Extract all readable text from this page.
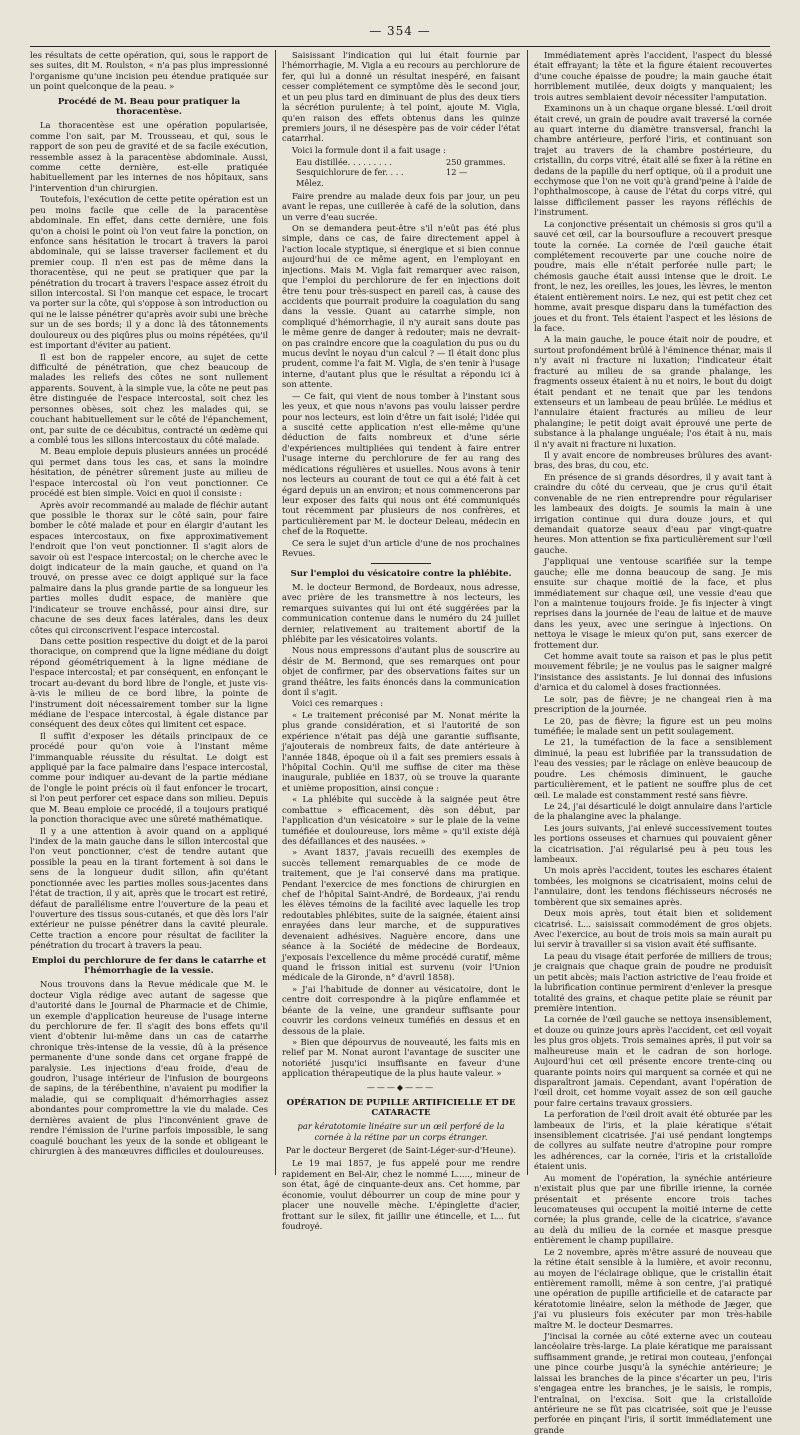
— 354 —

les résultats de cette opération, qui, sous le rapport de ses suites, dit M. Roulston, « n'a pas plus impressionné l'organisme qu'une incision peu étendue pratiquée sur un point quelconque de la peau. »

Procédé de M. Beau pour pratiquer la thoracentèse.

La thoracentèse est une opération popularisée, comme l'on sait, par M. Trousseau, et qui, sous le rapport de son peu de gravité et de sa facile exécution, ressemble assez à la paracentèse abdominale. Aussi, comme cette dernière, est-elle pratiquée habituellement par les internes de nos hôpitaux, sans l'intervention d'un chirurgien.

Toutefois, l'exécution de cette petite opération est un peu moins facile que celle de la paracentèse abdominale. En effet, dans cette dernière, une fois qu'on a choisi le point où l'on veut faire la ponction, on enfonce sans hésitation le trocart à travers la paroi abdominale, qui se laisse traverser facilement et du premier coup. Il n'en est pas de même dans la thoracentèse, qui ne peut se pratiquer que par la pénétration du trocart à travers l'espace assez étroit du sillon intercostal. Si l'on manque cet espace, le trocart va porter sur la côte, qui s'oppose à son introduction ou qui ne le laisse pénétrer qu'après avoir subi une brèche sur un de ses bords; il y a donc là des tâtonnements douloureux ou des piqûres plus ou moins répétées, qu'il est important d'éviter au patient.

Il est bon de rappeler encore, au sujet de cette difficulté de pénétration, que chez beaucoup de malades les reliefs des côtes ne sont nullement apparents. Souvent, à la simple vue, la côte ne peut pas être distinguée de l'espace intercostal, soit chez les personnes obèses, soit chez les malades qui, se couchant habituellement sur le côté de l'épanchement, ont, par suite de ce décubitus, contracté un œdème qui a comblé tous les sillons intercostaux du côté malade.

M. Beau emploie depuis plusieurs années un procédé qui permet dans tous les cas, et sans la moindre hésitation, de pénétrer sûrement juste au milieu de l'espace intercostal où l'on veut ponctionner. Ce procédé est bien simple. Voici en quoi il consiste :

Après avoir recommandé au malade de fléchir autant que possible le thorax sur le côté sain, pour faire bomber le côté malade et pour en élargir d'autant les espaces intercostaux, on fixe approximativement l'endroit que l'on veut ponctionner. Il s'agit alors de savoir où est l'espace intercostal; on le cherche avec le doigt indicateur de la main gauche, et quand on l'a trouvé, on presse avec ce doigt appliqué sur la face palmaire dans la plus grande partie de sa longueur les parties molles dudit espace, de manière que l'indicateur se trouve enchâssé, pour ainsi dire, sur chacune de ses deux faces latérales, dans les deux côtes qui circonscrivent l'espace intercostal.

Dans cette position respective du doigt et de la paroi thoracique, on comprend que la ligne médiane du doigt répond géométriquement à la ligne médiane de l'espace intercostal; et par conséquent, en enfonçant le trocart au-devant du bord libre de l'ongle, et juste vis-à-vis le milieu de ce bord libre, la pointe de l'instrument doit nécessairement tomber sur la ligne médiane de l'espace intercostal, à égale distance par conséquent des deux côtes qui limitent cet espace.

Il suffit d'exposer les détails principaux de ce procédé pour qu'on voie à l'instant même l'immanquable réussite du résultat. Le doigt est appliqué par la face palmaire dans l'espace intercostal, comme pour indiquer au-devant de la partie médiane de l'ongle le point précis où il faut enfoncer le trocart, si l'on peut perforer cet espace dans son milieu. Depuis que M. Beau emploie ce procédé, il a toujours pratiqué la ponction thoracique avec une sûreté mathématique.

Il y a une attention à avoir quand on a appliqué l'index de la main gauche dans le sillon intercostal que l'on veut ponctionner, c'est de tendre autant que possible la peau en la tirant fortement à soi dans le sens de la longueur dudit sillon, afin qu'étant ponctionnée avec les parties molles sous-jacentes dans l'état de traction, il y ait, après que le trocart est retiré, défaut de parallélisme entre l'ouverture de la peau et l'ouverture des tissus sous-cutanés, et que dès lors l'air extérieur ne puisse pénétrer dans la cavité pleurale. Cette traction a encore pour résultat de faciliter la pénétration du trocart à travers la peau.

Emploi du perchlorure de fer dans le catarrhe et l'hémorrhagie de la vessie.

Nous trouvons dans la Revue médicale que M. le docteur Vigla rédige avec autant de sagesse que d'autorité dans le Journal de Pharmacie et de Chimie, un exemple d'application heureuse de l'usage interne du perchlorure de fer. Il s'agit des bons effets qu'il vient d'obtenir lui-même dans un cas de catarrhe chronique très-intense de la vessie, dû à la présence permanente d'une sonde dans cet organe frappé de paralysie. Les injections d'eau froide, d'eau de goudron, l'usage intérieur de l'infusion de bourgeons de sapins, de la térébenthine, n'avaient pu modifier la maladie, qui se compliquait d'hémorrhagies assez abondantes pour compromettre la vie du malade. Ces dernières avaient de plus l'inconvénient grave de rendre l'émission de l'urine parfois impossible, le sang coagulé bouchant les yeux de la sonde et obligeant le chirurgien à des manœuvres difficiles et douloureuses.

Saisissant l'indication qui lui était fournie par l'hémorrhagie, M. Vigla a eu recours au perchlorure de fer, qui lui a donné un résultat inespéré, en faisant cesser complétement ce symptôme dès le second jour, et un peu plus tard en diminuant de plus des deux tiers la sécrétion purulente; à tel point, ajoute M. Vigla, qu'en raison des effets obtenus dans les quinze premiers jours, il ne désespère pas de voir céder l'état catarrhal.

Voici la formule dont il a fait usage :

Eau distillée. . . . . . . . .	250 grammes.
Sesquichlorure de fer. . . .	12 —
Mêlez.

Faire prendre au malade deux fois par jour, un peu avant le repas, une cuillerée à café de la solution, dans un verre d'eau sucrée.

On se demandera peut-être s'il n'eût pas été plus simple, dans ce cas, de faire directement appel à l'action locale styptique, si énergique et si bien connue aujourd'hui de ce même agent, en l'employant en injections. Mais M. Vigla fait remarquer avec raison, que l'emploi du perchlorure de fer en injections doit être tenu pour très-suspect en pareil cas, à cause des accidents que pourrait produire la coagulation du sang dans la vessie. Quant au catarrhe simple, non compliqué d'hémorrhagie, il n'y aurait sans doute pas le même genre de danger à redouter; mais ne devrait-on pas craindre encore que la coagulation du pus ou du mucus devînt le noyau d'un calcul ? — Il était donc plus prudent, comme l'a fait M. Vigla, de s'en tenir à l'usage interne, d'autant plus que le résultat a répondu ici à son attente.

— Ce fait, qui vient de nous tomber à l'instant sous les yeux, et que nous n'avons pas voulu laisser perdre pour nos lecteurs, est loin d'être un fait isolé; l'idée qui a suscité cette application n'est elle-même qu'une déduction de faits nombreux et d'une série d'expériences multipliées qui tendent à faire entrer l'usage interne du perchlorure de fer au rang des médications régulières et usuelles. Nous avons à tenir nos lecteurs au courant de tout ce qui a été fait à cet égard depuis un an environ; et nous commencerons par leur exposer des faits qui nous ont été communiqués tout récemment par plusieurs de nos confrères, et particulièrement par M. le docteur Deleau, médecin en chef de la Roquette.

Ce sera le sujet d'un article d'une de nos prochaines Revues.

Sur l'emploi du vésicatoire contre la phlébite.

M. le docteur Bermond, de Bordeaux, nous adresse, avec prière de les transmettre à nos lecteurs, les remarques suivantes qui lui ont été suggérées par la communication contenue dans le numéro du 24 juillet dernier, relativement au traitement abortif de la phlébite par les vésicatoires volants.

Nous nous empressons d'autant plus de souscrire au désir de M. Bermond, que ses remarques ont pour objet de confirmer, par des observations faites sur un grand théâtre, les faits énoncés dans la communication dont il s'agit.

Voici ces remarques :

« Le traitement préconisé par M. Nonat mérite la plus grande considération, et si l'autorité de son expérience n'était pas déjà une garantie suffisante, j'ajouterais de nombreux faits, de date antérieure à l'année 1848, époque où il a fait ses premiers essais à l'hôpital Cochin. Qu'il me suffise de citer ma thèse inaugurale, publiée en 1837, où se trouve la quarante et unième proposition, ainsi conçue :

« La phlébite qui succède à la saignée peut être combattue » efficacement, dès son début, par l'application d'un vésicatoire » sur le plaie de la veine tuméfiée et douloureuse, lors même » qu'il existe déjà des défaillances et des nausées. »

» Avant 1837, j'avais recueilli des exemples de succès tellement remarquables de ce mode de traitement, que je l'ai conservé dans ma pratique. Pendant l'exercice de mes fonctions de chirurgien en chef de l'hôpital Saint-André, de Bordeaux, j'ai rendu les élèves témoins de la facilité avec laquelle les trop redoutables phlébites, suite de la saignée, étaient ainsi enrayées dans leur marche, et de suppuratives devenaient adhésives. Naguère encore, dans une séance à la Société de médecine de Bordeaux, j'exposais l'excellence du même procédé curatif, même quand le frisson initial est survenu (voir l'Union médicale de la Gironde, n° d'avril 1858).

» J'ai l'habitude de donner au vésicatoire, dont le centre doit correspondre à la piqûre enflammée et béante de la veine, une grandeur suffisante pour couvrir les cordons veineux tuméfiés en dessus et en dessous de la plaie.

» Bien que dépourvus de nouveauté, les faits mis en relief par M. Nonat auront l'avantage de susciter une notoriété jusqu'ici insuffisante en faveur d'une application thérapeutique de la plus haute valeur. »

———◆———
OPÉRATION DE PUPILLE ARTIFICIELLE ET DE CATARACTE
par kératotomie linéaire sur un œil perforé de la cornée à la rétine par un corps étranger.
Par le docteur Bergeret (de Saint-Léger-sur-d'Heune).

Le 19 mai 1857, je fus appelé pour me rendre rapidement en Bel-Air, chez le nommé L....., mineur de son état, âgé de cinquante-deux ans. Cet homme, par économie, voulut débourrer un coup de mine pour y placer une nouvelle mèche. L'épinglette d'acier, frottant sur le silex, fit jaillir une étincelle, et L... fut foudroyé.

Immédiatement après l'accident, l'aspect du blessé était effrayant; la tête et la figure étaient recouvertes d'une couche épaisse de poudre; la main gauche était horriblement mutilée, deux doigts y manquaient; les trois autres semblaient devoir nécessiter l'amputation.

Examinons un à un chaque organe blessé. L'œil droit était crevé, un grain de poudre avait traversé la cornée au quart interne du diamètre transversal, franchi la chambre antérieure, perforé l'iris, et continuant son trajet au travers de la chambre postérieure, du cristallin, du corps vitré, était allé se fixer à la rétine en dedans de la papille du nerf optique, où il a produit une ecchymose que l'on ne voit qu'à grand'peine à l'aide de l'ophthalmoscope, à cause de l'état du corps vitré, qui laisse difficilement passer les rayons réfléchis de l'instrument.

La conjonctive présentait un chémosis si gros qu'il a sauvé cet œil, car la boursouflure a recouvert presque toute la cornée. La cornée de l'œil gauche était complétement recouverte par une couche noire de poudre, mais elle n'était perforée nulle part; le chémosis gauche était aussi intense que le droit. Le front, le nez, les oreilles, les joues, les lèvres, le menton étaient entièrement noirs. Le nez, qui est petit chez cet homme, avait presque disparu dans la tuméfaction des joues et du front. Tels étaient l'aspect et les lésions de la face.

A la main gauche, le pouce était noir de poudre, et surtout profondément brûlé à l'éminence thénar, mais il n'y avait ni fracture ni luxation; l'indicateur était fracturé au milieu de sa grande phalange, les fragments osseux étaient à nu et noirs, le bout du doigt était pendant et ne tenait que par les tendons extenseurs et un lambeau de peau brûlée. Le médius et l'annulaire étaient fracturés au milieu de leur phalangine; le petit doigt avait éprouvé une perte de substance à la phalange unguéale; l'os était à nu, mais il n'y avait ni fracture ni luxation.

Il y avait encore de nombreuses brûlures des avant-bras, des bras, du cou, etc.

En présence de si grands désordres, il y avait tant à craindre du côté du cerveau, que je crus qu'il était convenable de ne rien entreprendre pour régulariser les lambeaux des doigts. Je soumis la main à une irrigation continue qui dura douze jours, et qui demandait quatorze seaux d'eau par vingt-quatre heures. Mon attention se fixa particulièrement sur l'œil gauche.

J'appliquai une ventouse scarifiée sur la tempe gauche; elle me donna beaucoup de sang. Je mis ensuite sur chaque moitié de la face, et plus immédiatement sur chaque œil, une vessie d'eau que l'on a maintenue toujours froide. Je fis injecter à vingt reprises dans la journée de l'eau de laitue et de mauve dans les yeux, avec une seringue à injections. On nettoya le visage le mieux qu'on put, sans exercer de frottement dur.

Cet homme avait toute sa raison et pas le plus petit mouvement fébrile; je ne voulus pas le saigner malgré l'insistance des assistants. Je lui donnai des infusions d'arnica et du calomel à doses fractionnées.

Le soir, pas de fièvre; je ne changeai rien à ma prescription de la journée.

Le 20, pas de fièvre; la figure est un peu moins tuméfiée; le malade sent un petit soulagement.

Le 21, la tuméfaction de la face a sensiblement diminué, la peau est lubrifiée par la transsudation de l'eau des vessies; par le râclage on enlève beaucoup de poudre. Les chémosis diminuent, le gauche particulièrement, et le patient ne souffre plus de cet œil. Le malade est constamment resté sans fièvre.

Le 24, j'ai désarticulé le doigt annulaire dans l'article de la phalangine avec la phalange.

Les jours suivants, j'ai enlevé successivement toutes les portions osseuses et charnues qui pouvaient gêner la cicatrisation. J'ai régularisé peu à peu tous les lambeaux.

Un mois après l'accident, toutes les eschares étaient tombées, les moignons se cicatrisaient, moins celui de l'annulaire, dont les tendons fléchisseurs nécrosés ne tombèrent que six semaines après.

Deux mois après, tout était bien et solidement cicatrisé. L... saisissait commodément de gros objets. Avec l'exercice, au bout de trois mois sa main aurait pu lui servir à travailler si sa vision avait été suffisante.

La peau du visage était perforée de milliers de trous; je craignais que chaque grain de poudre ne produisît un petit abcès; mais l'action astrictive de l'eau froide et la lubrification continue permirent d'enlever la presque totalité des grains, et chaque petite plaie se réunit par première intention.

La cornée de l'œil gauche se nettoya insensiblement, et douze ou quinze jours après l'accident, cet œil voyait les plus gros objets. Trois semaines après, il put voir sa malheureuse main et le cadran de son horloge. Aujourd'hui cet œil présente encore trente-cinq ou quarante points noirs qui marquent sa cornée et qui ne disparaîtront jamais. Cependant, avant l'opération de l'œil droit, cet homme voyait assez de son œil gauche pour faire certains travaux grossiers.

La perforation de l'œil droit avait été obturée par les lambeaux de l'iris, et la plaie kératique s'était insensiblement cicatrisée. J'ai usé pendant longtemps de collyres au sulfate neutre d'atropine pour rompre les adhérences, car la cornée, l'iris et la cristalloïde étaient unis.

Au moment de l'opération, la synéchie antérieure n'existait plus que par une fibrille irienne, la cornée présentait et présente encore trois taches leucomateuses qui occupent la moitié interne de cette cornée; la plus grande, celle de la cicatrice, s'avance au delà du milieu de la cornée et masque presque entièrement le champ pupillaire.

Le 2 novembre, après m'être assuré de nouveau que la rétine était sensible à la lumière, et avoir reconnu, au moyen de l'éclairage oblique, que le cristallin était entièrement ramolli, même à son centre, j'ai pratiqué une opération de pupille artificielle et de cataracte par kératotomie linéaire, selon la méthode de Jæger, que j'ai vu plusieurs fois exécuter par mon très-habile maître M. le docteur Desmarres.

J'incisai la cornée au côté externe avec un couteau lancéolaire très-large. La plaie kératique me paraissant suffisamment grande, je retirai mon couteau, j'enfonçai une pince courbe jusqu'à la synéchie antérieure; je laissai les branches de la pince s'écarter un peu, l'iris s'engagea entre les branches, je le saisis, le rompis, l'entraînai, on l'excisa. Soit que la cristalloïde antérieure ne se fût pas cicatrisée, soit que je l'eusse perforée en pinçant l'iris, il sortit immédiatement une grande
